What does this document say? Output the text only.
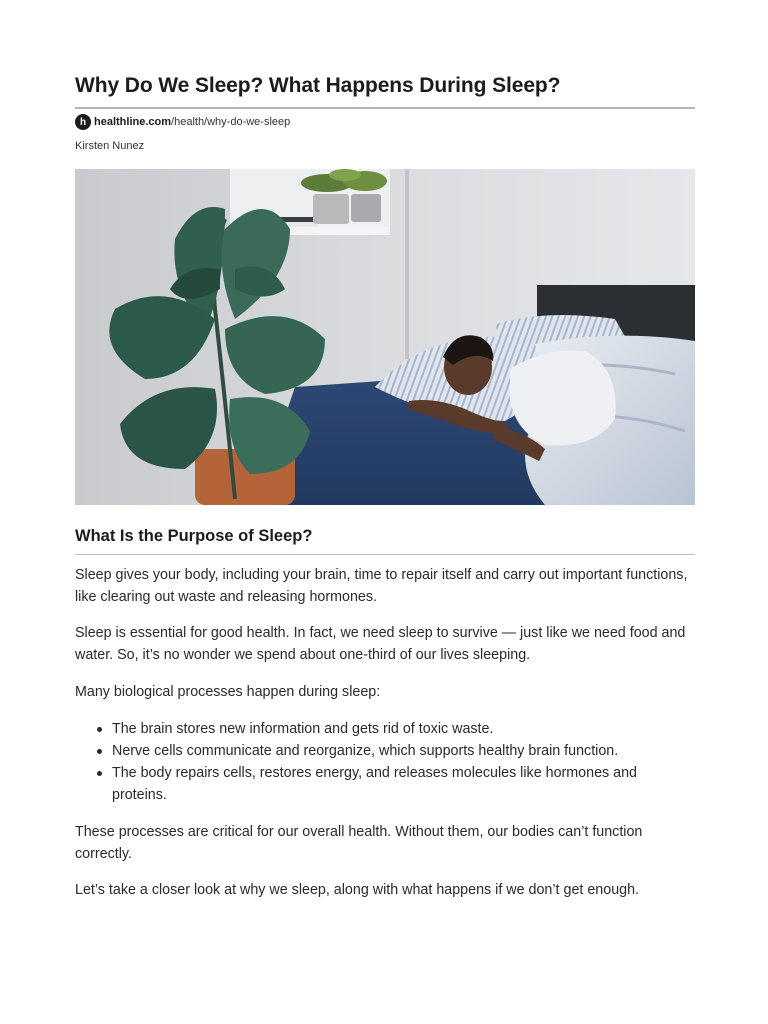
Why Do We Sleep? What Happens During Sleep?
h healthline.com /health/why-do-we-sleep
Kirsten Nunez
What Is the Purpose of Sleep?

Sleep gives your body, including your brain, time to repair itself and carry out important functions, like clearing out waste and releasing hormones.

Sleep is essential for good health. In fact, we need sleep to survive — just like we need food and water. So, it’s no wonder we spend about one-third of our lives sleeping.

Many biological processes happen during sleep:

The brain stores new information and gets rid of toxic waste.
Nerve cells communicate and reorganize, which supports healthy brain function.
The body repairs cells, restores energy, and releases molecules like hormones and proteins.

These processes are critical for our overall health. Without them, our bodies can’t function correctly.

Let’s take a closer look at why we sleep, along with what happens if we don’t get enough.
